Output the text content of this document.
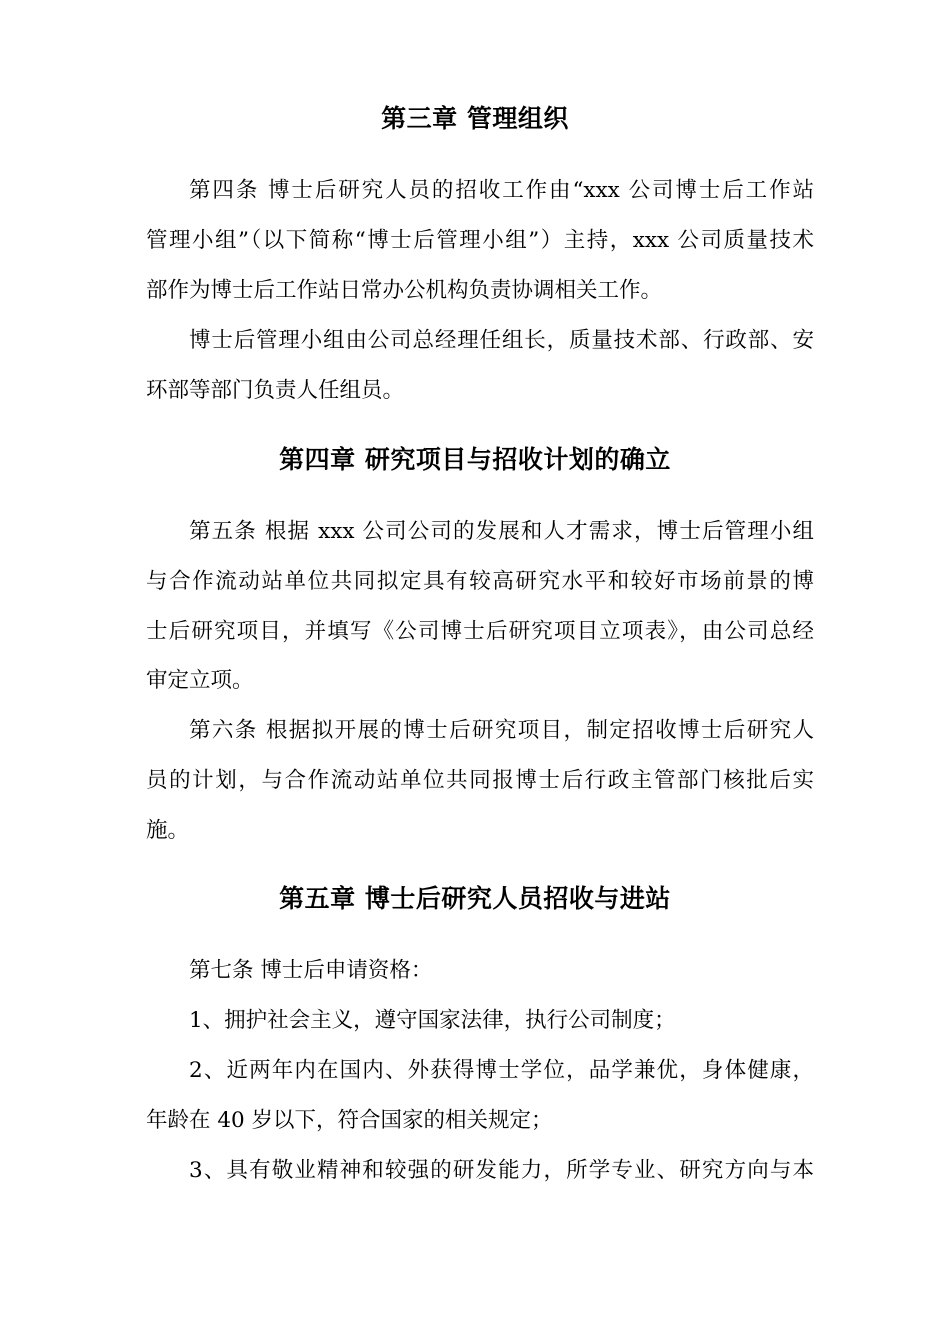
第三章 管理组织
第四条 博士后研究人员的招收工作由“xxx 公司博士后工作站
管理小组”（以下简称“博士后管理小组”）主持，xxx 公司质量技术
部作为博士后工作站日常办公机构负责协调相关工作。
博士后管理小组由公司总经理任组长，质量技术部、行政部、安
环部等部门负责人任组员。
第四章 研究项目与招收计划的确立
第五条 根据 xxx 公司公司的发展和人才需求，博士后管理小组
与合作流动站单位共同拟定具有较高研究水平和较好市场前景的博
士后研究项目，并填写《公司博士后研究项目立项表》，由公司总经
审定立项。
第六条 根据拟开展的博士后研究项目，制定招收博士后研究人
员的计划，与合作流动站单位共同报博士后行政主管部门核批后实
施。
第五章 博士后研究人员招收与进站
第七条 博士后申请资格：
1、拥护社会主义，遵守国家法律，执行公司制度；
2、近两年内在国内、外获得博士学位，品学兼优，身体健康，
年龄在 40 岁以下，符合国家的相关规定；
3、具有敬业精神和较强的研发能力，所学专业、研究方向与本
